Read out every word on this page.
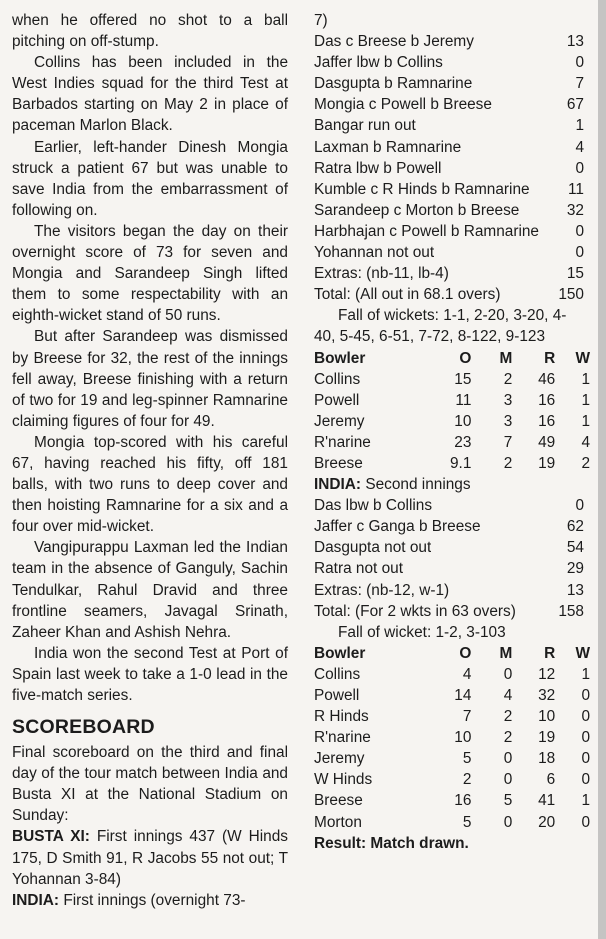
when he offered no shot to a ball pitching on off-stump.

Collins has been included in the West Indies squad for the third Test at Barbados starting on May 2 in place of paceman Marlon Black.

Earlier, left-hander Dinesh Mongia struck a patient 67 but was unable to save India from the embarrassment of following on.

The visitors began the day on their overnight score of 73 for seven and Mongia and Sarandeep Singh lifted them to some respectability with an eighth-wicket stand of 50 runs.

But after Sarandeep was dismissed by Breese for 32, the rest of the innings fell away, Breese finishing with a return of two for 19 and leg-spinner Ramnarine claiming figures of four for 49.

Mongia top-scored with his careful 67, having reached his fifty, off 181 balls, with two runs to deep cover and then hoisting Ramnarine for a six and a four over mid-wicket.

Vangipurappu Laxman led the Indian team in the absence of Ganguly, Sachin Tendulkar, Rahul Dravid and three frontline seamers, Javagal Srinath, Zaheer Khan and Ashish Nehra.

India won the second Test at Port of Spain last week to take a 1-0 lead in the five-match series.

SCOREBOARD

Final scoreboard on the third and final day of the tour match between India and Busta XI at the National Stadium on Sunday:

BUSTA XI: First innings 437 (W Hinds 175, D Smith 91, R Jacobs 55 not out; T Yohannan 3-84)

INDIA: First innings (overnight 73-

7)
Das c Breese b Jeremy	13
Jaffer lbw b Collins	0
Dasgupta b Ramnarine	7
Mongia c Powell b Breese	67
Bangar run out	1
Laxman b Ramnarine	4
Ratra lbw b Powell	0
Kumble c R Hinds b Ramnarine 11
Sarandeep c Morton b Breese	32
Harbhajan c Powell b Ramnarine 0
Yohannan not out	0
Extras: (nb-11, lb-4)	15
Total: (All out in 68.1 overs)	150

Fall of wickets: 1-1, 2-20, 3-20, 4-

40, 5-45, 6-51, 7-72, 8-122, 9-123

Bowler	O	M	R	W
Collins	15	2	46	1
Powell	11	3	16	1
Jeremy	10	3	16	1
R'narine	23	7	49	4
Breese	9.1	2	19	2
INDIA: Second innings
Das lbw b Collins	0
Jaffer c Ganga b Breese	62
Dasgupta not out	54
Ratra not out	29
Extras: (nb-12, w-1)	13
Total: (For 2 wkts in 63 overs)	158

Fall of wicket: 1-2, 3-103

Bowler	O	M	R	W
Collins	4	0	12	1
Powell	14	4	32	0
R Hinds	7	2	10	0
R'narine	10	2	19	0
Jeremy	5	0	18	0
W Hinds	2	0	6	0
Breese	16	5	41	1
Morton	5	0	20	0
Result: Match drawn.
